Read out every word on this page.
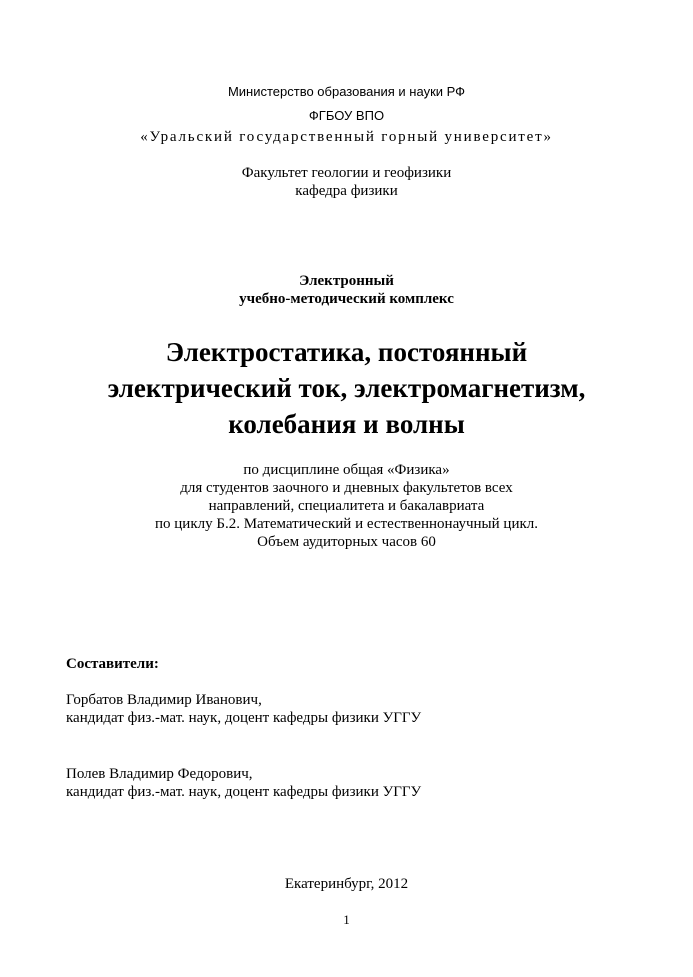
Министерство образования и науки РФ
ФГБОУ ВПО
«Уральский государственный горный университет»
Факультет геологии и геофизики
кафедра физики
Электронный
учебно-методический комплекс
Электростатика, постоянный
электрический ток, электромагнетизм,
колебания и волны
по дисциплине общая «Физика»
для студентов заочного и дневных факультетов всех
направлений, специалитета и бакалавриата
по циклу Б.2. Математический и естественнонаучный цикл.
Объем аудиторных часов 60
Составители:
Горбатов Владимир Иванович,
кандидат физ.-мат. наук, доцент кафедры физики УГГУ
Полев Владимир Федорович,
кандидат физ.-мат. наук, доцент кафедры физики УГГУ
Екатеринбург, 2012
1
